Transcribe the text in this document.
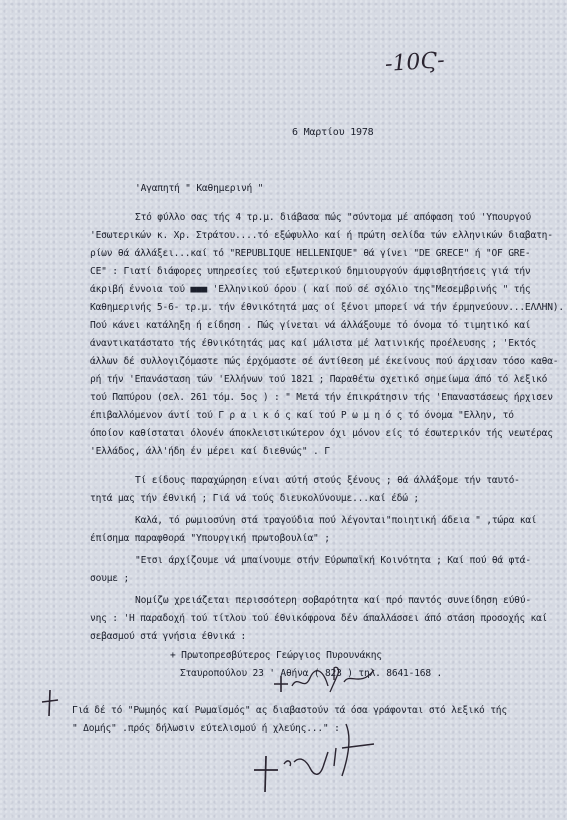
-10Ϛ-
6 Μαρτίου 1978
'Αγαπητή " Καθημερινή "
Στό φύλλο σας τής 4 τρ.μ. διάβασα πώς "σύντομα μέ απόφαση τού 'Υπουργού
'Εσωτερικών κ. Χρ. Στράτου....τό εξώφυλλο καί ή πρώτη σελίδα τών ελληνικών διαβατη-
ρίων θά άλλάξει...καί τό "REPUBLIQUE HELLENIQUE" θά γίνει "DE GRECE" ή "OF GRE-
CE" : Γιατί διάφορες υπηρεσίες τού εξωτερικού δημιουργούν άμφισβητήσεις γιά τήν
άκριβή έννοια τού ■■■ 'Ελληνικού όρου ( καί πού σέ σχόλιο της"Μεσεμβρινής " τής
Καθημερινής 5-6- τρ.μ. τήν έθνικότητά μας οί ξένοι μπορεί νά τήν έρμηνεύουν...ΕΛΛΗΝ).
Πού κάνει κατάληξη ή είδηση . Πώς γίνεται νά άλλάξουμε τό όνομα τό τιμητικό καί
άναντικατάστατο τής έθνικότητάς μας καί μάλιστα μέ λατινικής προέλευσης ; 'Εκτός
άλλων δέ συλλογιζόμαστε πώς έρχόμαστε σέ άντίθεση μέ έκείνους πού άρχισαν τόσο καθα-
ρή τήν 'Επανάσταση τών 'Ελλήνων τού 1821 ; Παραθέτω σχετικό σημείωμα άπό τό λεξικό
τού Παπύρου (σελ. 261 τόμ. 5ος ) : " Μετά τήν έπικράτησιν τής 'Επαναστάσεως ήρχισεν
έπιβαλλόμενον άντί τού Γ ρ α ι κ ό ς καί τού Ρ ω μ η ό ς τό όνομα "Ελλην, τό
όποίον καθίσταται όλονέν άποκλειστικώτερον όχι μόνον είς τό έσωτερικόν τής νεωτέρας
'Ελλάδος, άλλ'ήδη έν μέρει καί διεθνώς" . Γ
Τί είδους παραχώρηση είναι αύτή στούς ξένους ; θά άλλάξομε τήν ταυτό-
τητά μας τήν έθνική ; Γιά νά τούς διευκολύνουμε...καί έδώ ;
Καλά, τό ρωμιοσύνη στά τραγούδια πού λέγονται"ποιητική άδεια " ,τώρα καί
έπίσημα παραφθορά "Υπουργική πρωτοβουλία" ;
"Ετσι άρχίζουμε νά μπαίνουμε στήν Εύρωπαϊκή Κοινότητα ; Καί πού θά φτά-
σουμε ;
Νομίζω χρειάζεται περισσότερη σοβαρότητα καί πρό παντός συνείδηση εύθύ-
νης : 'Η παραδοχή τού τίτλου τού έθνικόφρονα δέν άπαλλάσσει άπό στάση προσοχής καί
σεβασμού στά γνήσια έθνικά :
+ Πρωτοπρεσβύτερος Γεώργιος Πυρουνάκης
Σταυροπούλου 23 ' Αθήνα ( 823 ) τηλ. 8641-168 .
Γιά δέ τό "Ρωμηός καί Ρωμαϊσμός" ας διαβαστούν τά όσα γράφονται στό λεξικό τής
" Δομής" .πρός δήλωσιν εύτελισμού ή χλεύης..." :
